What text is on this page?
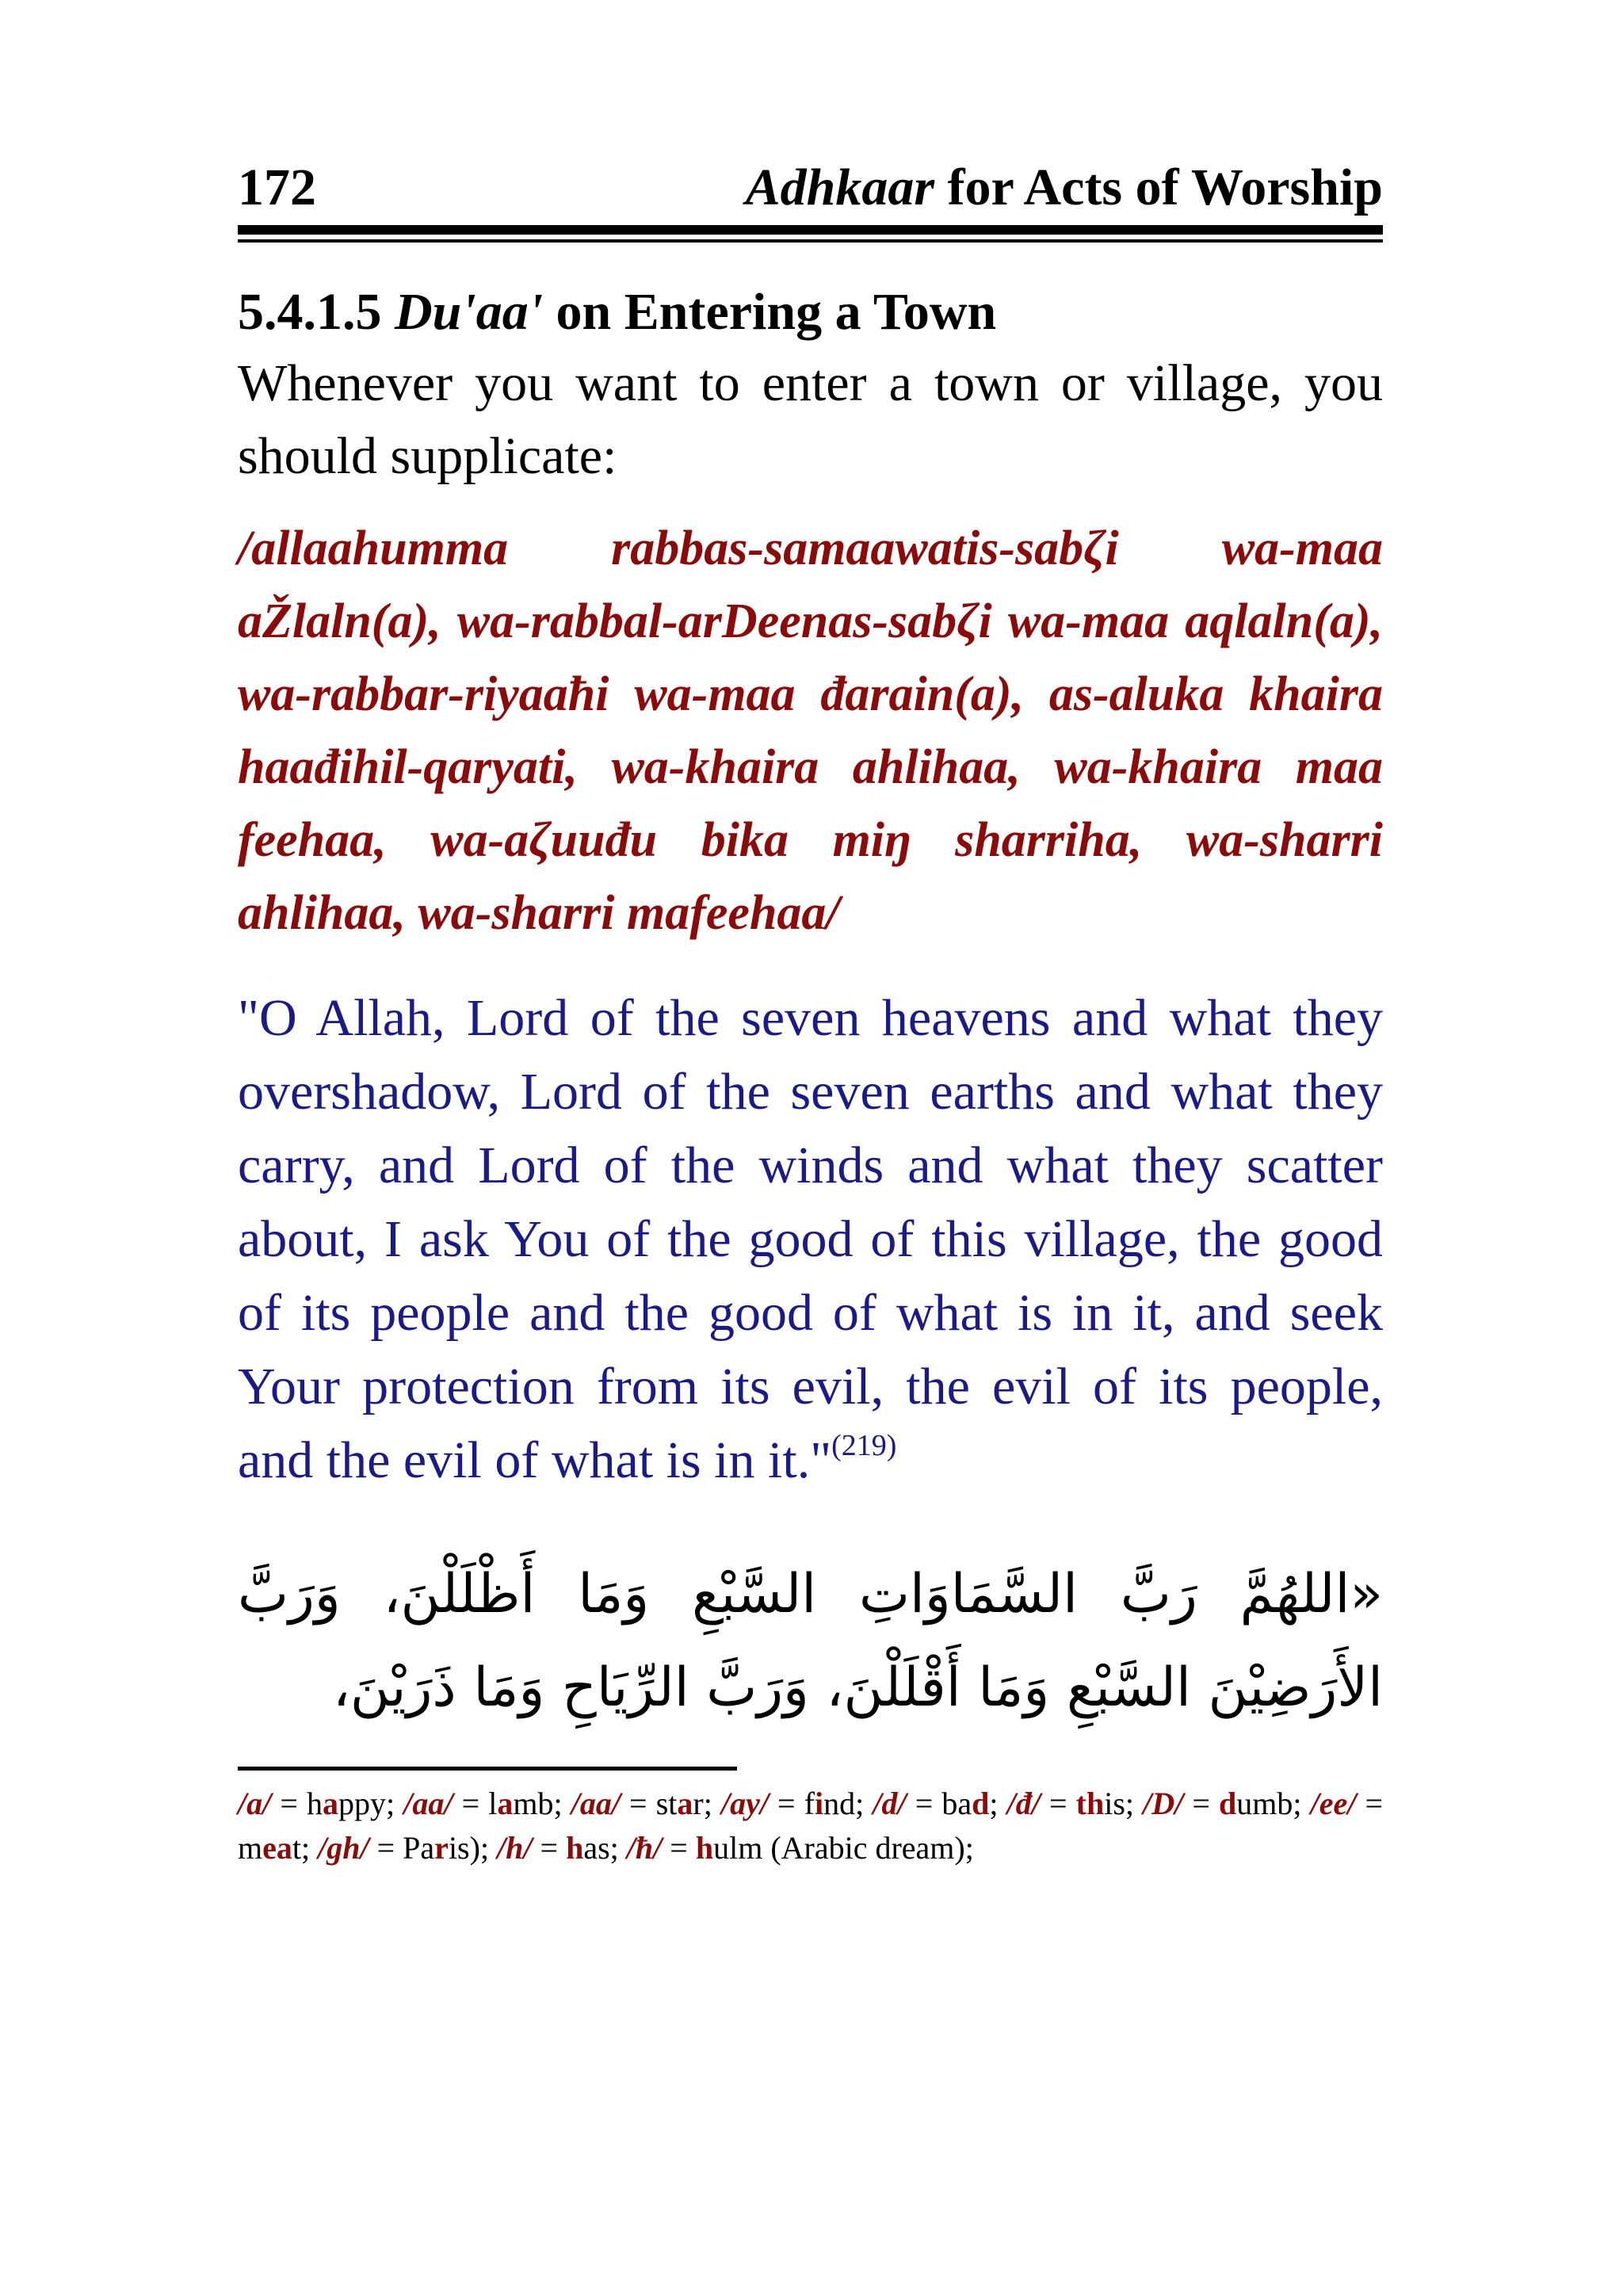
172	Adhkaar for Acts of Worship
5.4.1.5 Du'aa' on Entering a Town
Whenever you want to enter a town or village, you should supplicate:
/allaahumma rabbas-samaawatis-sabζi wa-maa aŽlaln(a), wa-rabbal-arDeenas-sabζi wa-maa aqlaln(a), wa-rabbar-riyaaħi wa-maa đarain(a), as-aluka khaira haađihil-qaryati, wa-khaira ahlihaa, wa-khaira maa feehaa, wa-aζuuđu bika miŋ sharriha, wa-sharri ahlihaa, wa-sharri mafeehaa/
"O Allah, Lord of the seven heavens and what they overshadow, Lord of the seven earths and what they carry, and Lord of the winds and what they scatter about, I ask You of the good of this village, the good of its people and the good of what is in it, and seek Your protection from its evil, the evil of its people, and the evil of what is in it."$^{(219)}$
«اللهُمَّ رَبَّ السَّمَاوَاتِ السَّبْعِ وَمَا أَظْلَلْنَ، وَرَبَّ الأَرَضِيْنَ السَّبْعِ وَمَا أَقْلَلْنَ، وَرَبَّ الرِّيَاحِ وَمَا ذَرَيْنَ،
/a/ = happy; /aa/ = lamb; /aa/ = star; /ay/ = find; /d/ = bad; /đ/ = this; /D/ = dumb; /ee/ = meat; /gh/ = Paris); /h/ = has; /ħ/ = hulm (Arabic dream);
